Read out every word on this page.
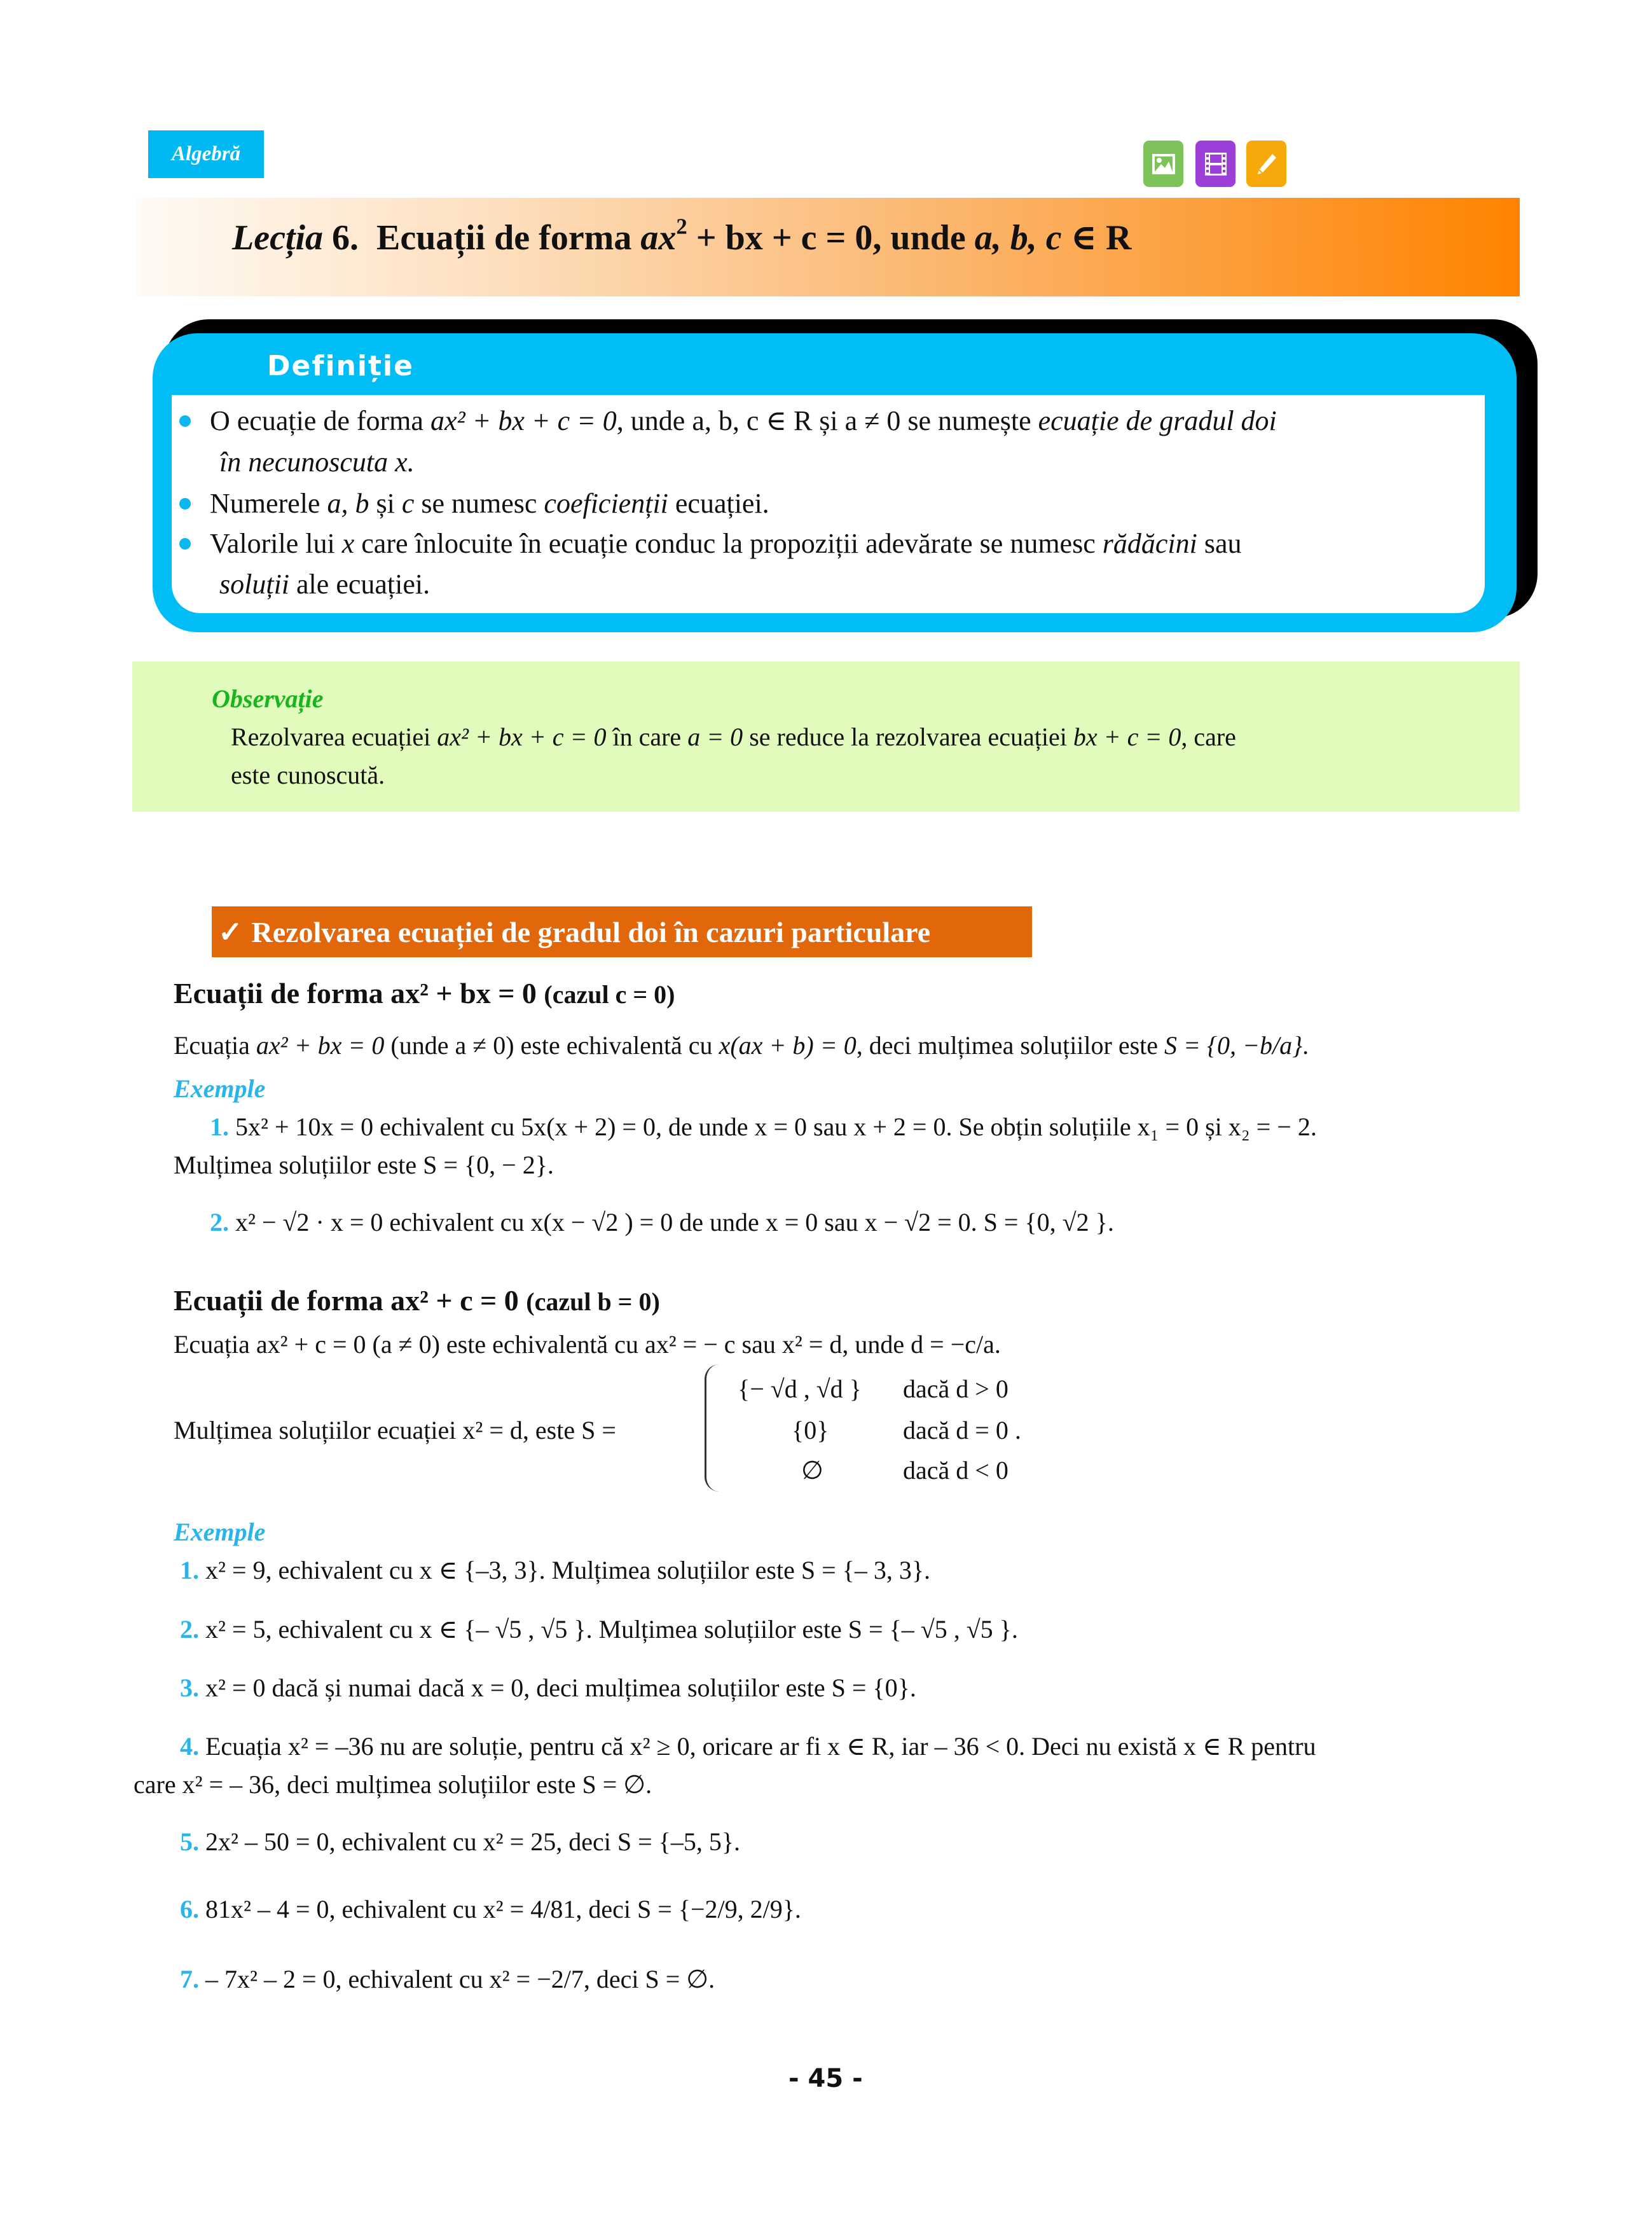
Algebră
Lecția 6. Ecuații de forma $ax^2$ + bx + c = 0, unde a, b, c ∈ R
Definiție
O ecuație de forma ax² + bx + c = 0, unde a, b, c ∈ R și a ≠ 0 se numește ecuație de gradul doi
în necunoscuta x.
Numerele a, b și c se numesc coeficienții ecuației.
Valorile lui x care înlocuite în ecuație conduc la propoziții adevărate se numesc rădăcini sau
soluții ale ecuației.
Observație
Rezolvarea ecuației ax² + bx + c = 0 în care a = 0 se reduce la rezolvarea ecuației bx + c = 0, care
este cunoscută.
✓ Rezolvarea ecuației de gradul doi în cazuri particulare
Ecuații de forma ax² + bx = 0 (cazul c = 0)
Ecuația ax² + bx = 0 (unde a ≠ 0) este echivalentă cu x(ax + b) = 0, deci mulțimea soluțiilor este S = {0, −b/a}.
Exemple
1. 5x² + 10x = 0 echivalent cu 5x(x + 2) = 0, de unde x = 0 sau x + 2 = 0. Se obțin soluțiile x₁ = 0 și x₂ = − 2.
Mulțimea soluțiilor este S = {0, − 2}.
2. x² − √2 · x = 0 echivalent cu x(x − √2 ) = 0 de unde x = 0 sau x − √2 = 0. S = {0, √2 }.
Ecuații de forma ax² + c = 0 (cazul b = 0)
Ecuația ax² + c = 0 (a ≠ 0) este echivalentă cu ax² = − c sau x² = d, unde d = −c/a.
Mulțimea soluțiilor ecuației x² = d, este S =
{− √d , √d } dacă d > 0
{0}	dacă d = 0 .
∅	dacă d < 0
Exemple
1. x² = 9, echivalent cu x ∈ {–3, 3}. Mulțimea soluțiilor este S = {– 3, 3}.
2. x² = 5, echivalent cu x ∈ {– √5 , √5 }. Mulțimea soluțiilor este S = {– √5 , √5 }.
3. x² = 0 dacă și numai dacă x = 0, deci mulțimea soluțiilor este S = {0}.
4. Ecuația x² = –36 nu are soluție, pentru că x² ≥ 0, oricare ar fi x ∈ R, iar – 36 < 0. Deci nu există x ∈ R pentru
care x² = – 36, deci mulțimea soluțiilor este S = ∅.
5. 2x² – 50 = 0, echivalent cu x² = 25, deci S = {–5, 5}.
6. 81x² – 4 = 0, echivalent cu x² = 4/81, deci S = {−2/9, 2/9}.
7. – 7x² – 2 = 0, echivalent cu x² = −2/7, deci S = ∅.
- 45 -
